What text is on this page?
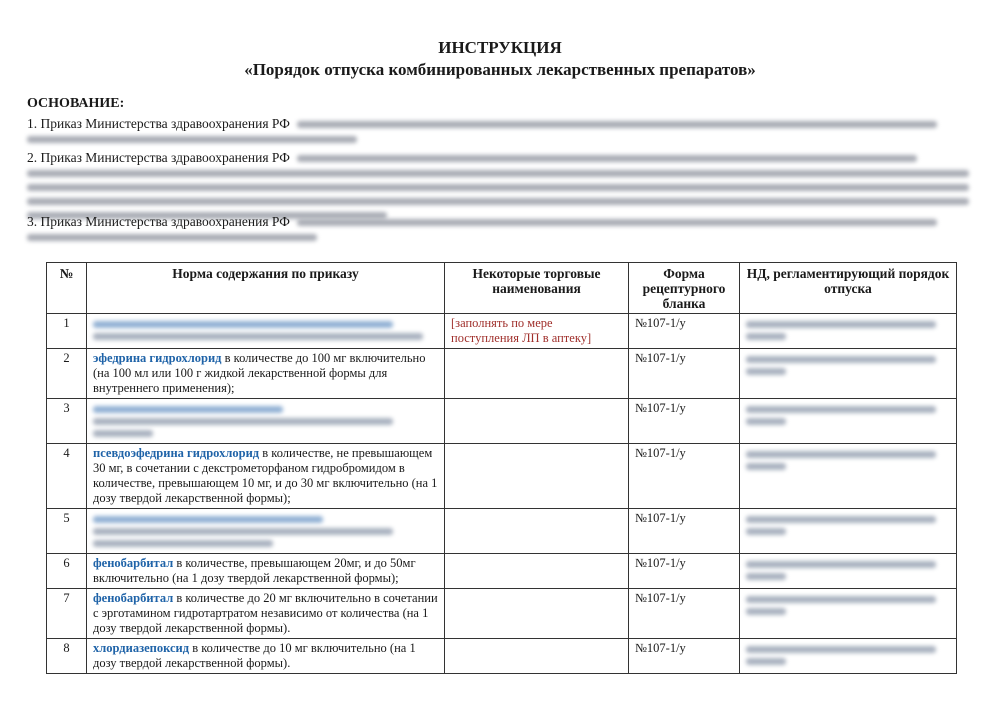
ИНСТРУКЦИЯ
«Порядок отпуска комбинированных лекарственных препаратов»
ОСНОВАНИЕ:
1. Приказ Министерства здравоохранения РФ
2. Приказ Министерства здравоохранения РФ
3. Приказ Министерства здравоохранения РФ
№	Норма содержания по приказу	Некоторые торговые наименования	Форма рецептурного бланка	НД, регламентирующий порядок отпуска
1		[заполнять по мере поступления ЛП в аптеку]	№107-1/у	

2	эфедрина гидрохлорид в количестве до 100 мг включительно (на 100 мл или 100 г жидкой лекарственной формы для внутреннего применения);		№107-1/у	

3			№107-1/у	

4	псевдоэфедрина гидрохлорид в количестве, не превышающем 30 мг, в сочетании с декстрометорфаном гидробромидом в количестве, превышающем 10 мг, и до 30 мг включительно (на 1 дозу твердой лекарственной формы);		№107-1/у	

5			№107-1/у	

6	фенобарбитал в количестве, превышающем 20мг, и до 50мг включительно (на 1 дозу твердой лекарственной формы);		№107-1/у	

7	фенобарбитал в количестве до 20 мг включительно в сочетании с эрготамином гидротартратом независимо от количества (на 1 дозу твердой лекарственной формы).		№107-1/у	

8	хлордиазепоксид в количестве до 10 мг включительно (на 1 дозу твердой лекарственной формы).		№107-1/у	
